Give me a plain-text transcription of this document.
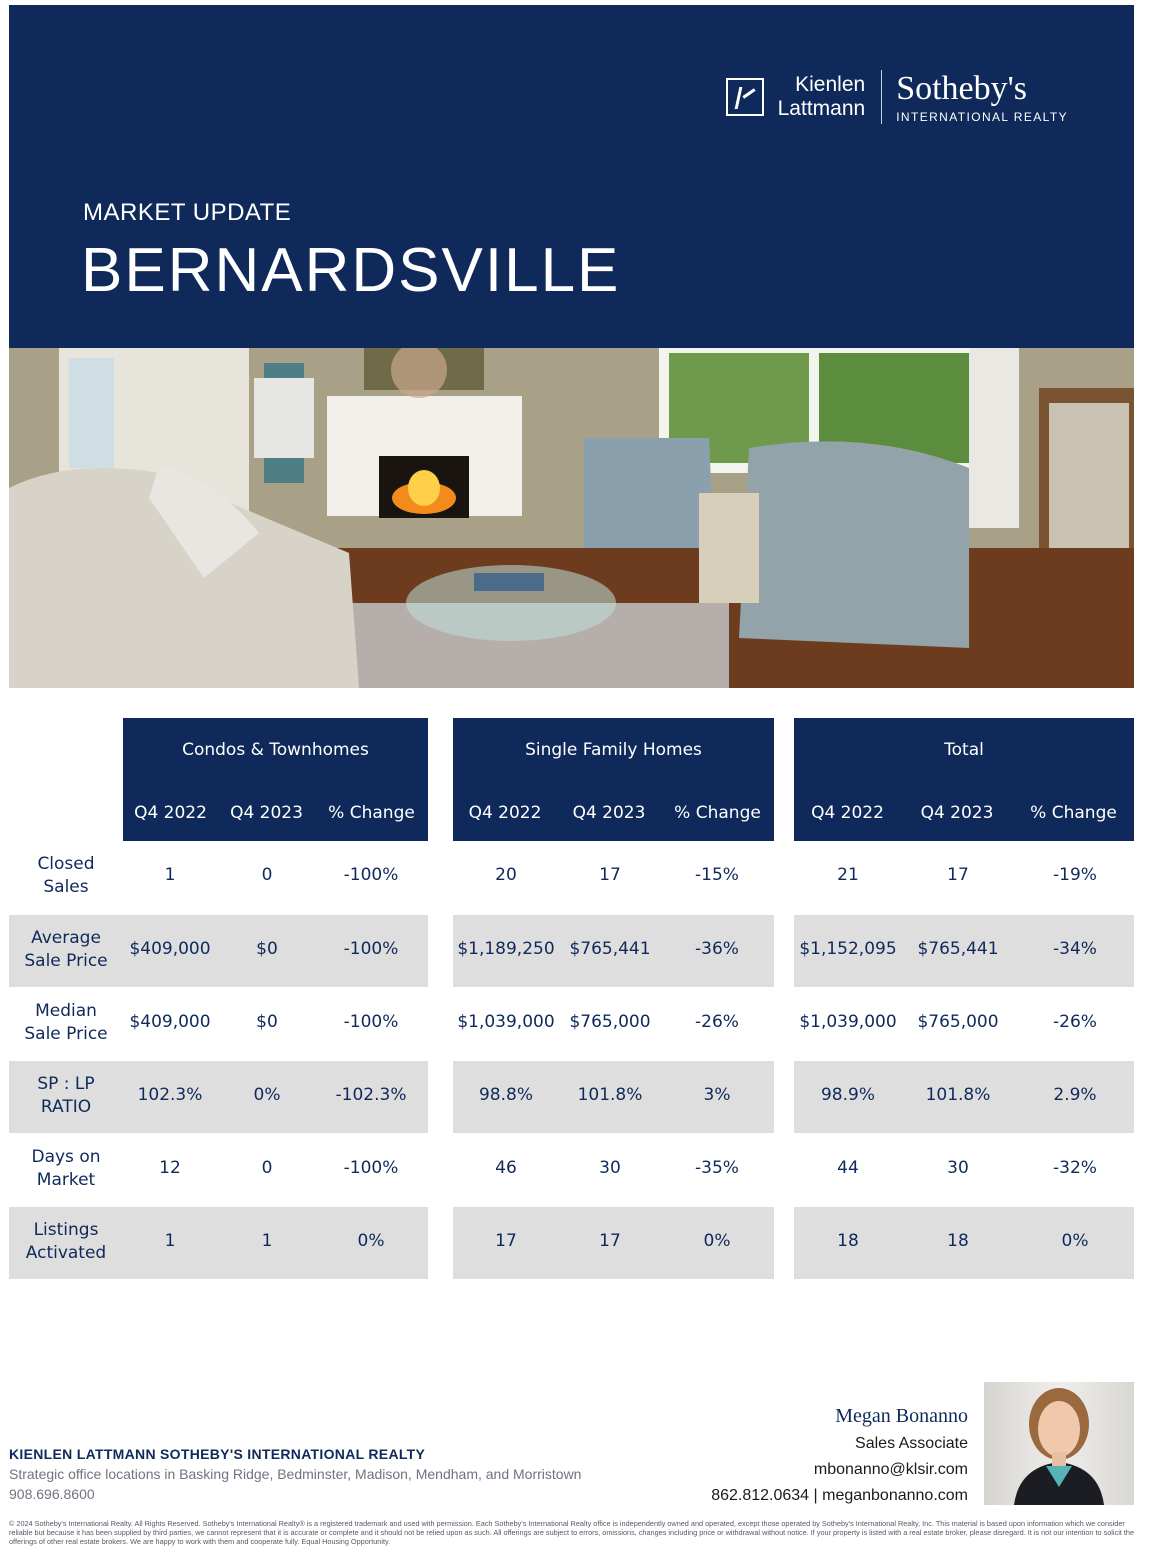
Kienlen
Lattmann
Sotheby's
INTERNATIONAL REALTY
MARKET UPDATE
BERNARDSVILLE
Condos & Townhomes
Q4 2022	Q4 2023	% Change
Single Family Homes
Q4 2022	Q4 2023	% Change
Total
Q4 2022	Q4 2023	% Change
Closed
Sales
1	0	-100%	20	17	-15%	21	17	-19%
Average
Sale Price
$409,000	$0	-100%	$1,189,250 $765,441	-36%	$1,152,095	$765,441	-34%
Median
Sale Price
$409,000	$0	-100%	$1,039,000 $765,000	-26%	$1,039,000	$765,000	-26%
SP : LP
RATIO
102.3%	0%	-102.3%	98.8%	101.8%	3%	98.9%	101.8%	2.9%
Days on
Market
12	0	-100%	46	30	-35%	44	30	-32%
Listings
Activated
1	1	0%	17	17	0%	18	18	0%
KIENLEN LATTMANN SOTHEBY'S INTERNATIONAL REALTY
Strategic office locations in Basking Ridge, Bedminster, Madison, Mendham, and Morristown
908.696.8600
Megan Bonanno
Sales Associate
mbonanno@klsir.com
862.812.0634 | meganbonanno.com
© 2024 Sotheby's International Realty. All Rights Reserved. Sotheby's International Realty® is a registered trademark and used with permission. Each Sotheby's International Realty office is independently owned and operated, except those operated by Sotheby's International Realty, Inc. This material is based upon information which we consider reliable but because it has been supplied by third parties, we cannot represent that it is accurate or complete and it should not be relied upon as such. All offerings are subject to errors, omissions, changes including price or withdrawal without notice. If your property is listed with a real estate broker, please disregard. It is not our intention to solicit the offerings of other real estate brokers. We are happy to work with them and cooperate fully. Equal Housing Opportunity.
